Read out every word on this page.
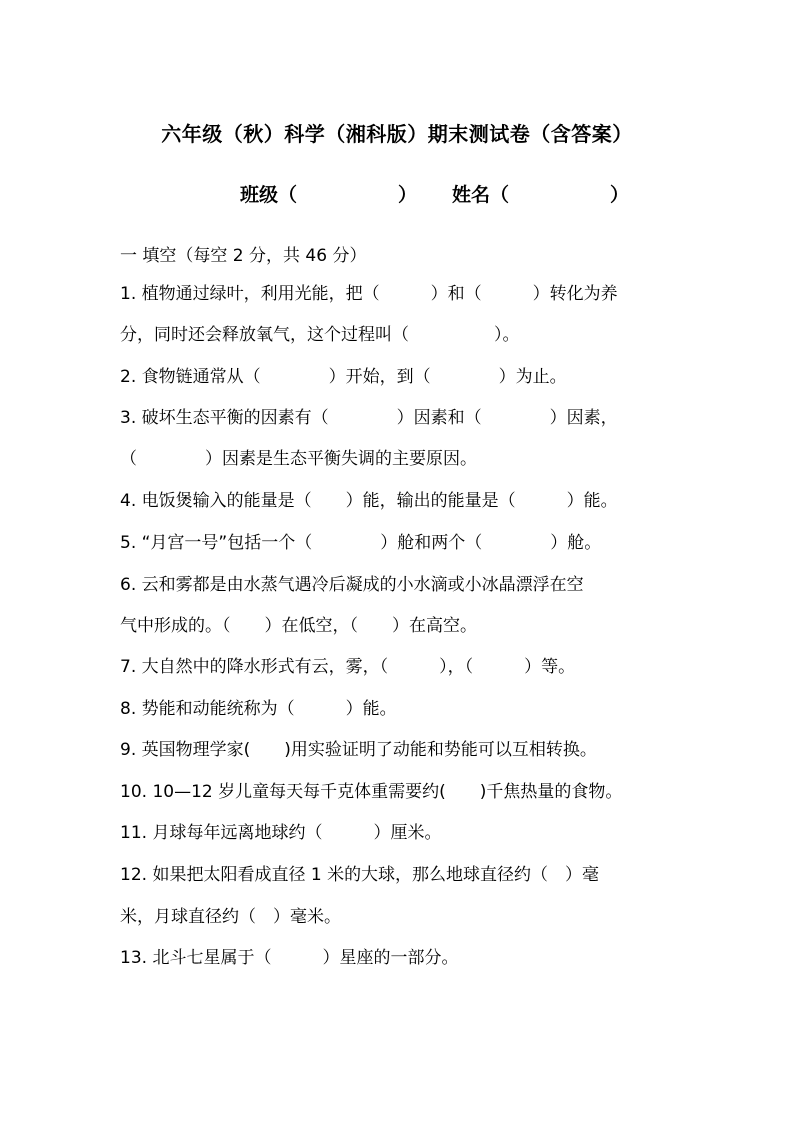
六年级（秋）科学（湘科版）期末测试卷（含答案）
班级（	） 姓名（	）
一 填空（每空 2 分，共 46 分）
1. 植物通过绿叶，利用光能，把（　　　）和（　　　）转化为养
分，同时还会释放氧气，这个过程叫（　　　　　）。
2. 食物链通常从（　　　　）开始，到（　　　　）为止。
3. 破坏生态平衡的因素有（　　　　）因素和（　　　　）因素，
（　　　　）因素是生态平衡失调的主要原因。
4. 电饭煲输入的能量是（　　）能，输出的能量是（　　　）能。
5. “月宫一号”包括一个（　　　　）舱和两个（　　　　）舱。
6. 云和雾都是由水蒸气遇冷后凝成的小水滴或小冰晶漂浮在空
气中形成的。（　　）在低空，（　　）在高空。
7. 大自然中的降水形式有云，雾，（　　　），（　　　）等。
8. 势能和动能统称为（　　　）能。
9. 英国物理学家(　　)用实验证明了动能和势能可以互相转换。
10. 10—12 岁儿童每天每千克体重需要约(　　)千焦热量的食物。
11. 月球每年远离地球约（　　　）厘米。
12. 如果把太阳看成直径 1 米的大球，那么地球直径约（　）毫
米，月球直径约（　）毫米。
13. 北斗七星属于（　　　）星座的一部分。
